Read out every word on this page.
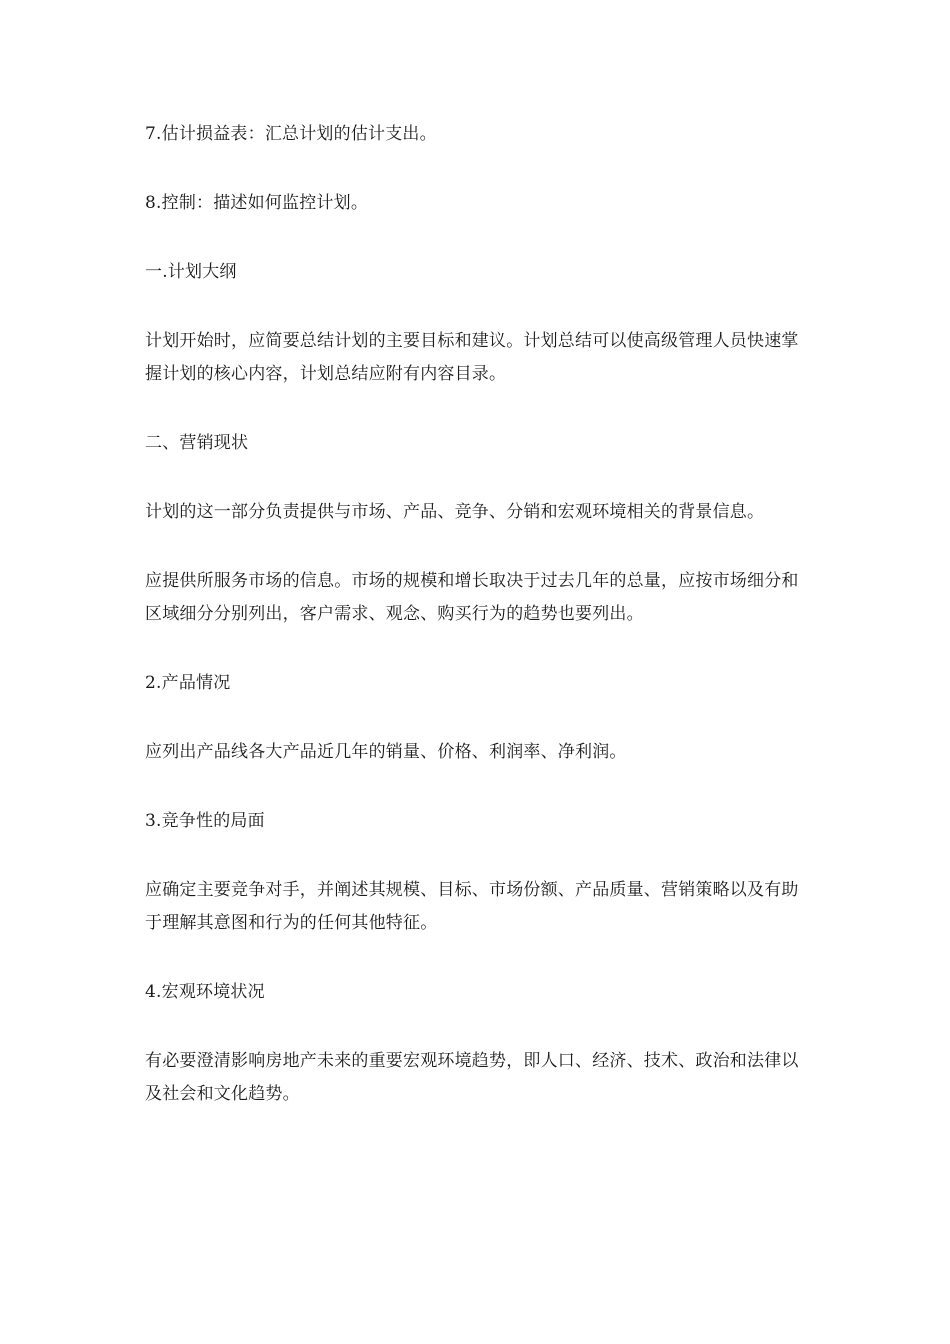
7.估计损益表：汇总计划的估计支出。

8.控制：描述如何监控计划。

一.计划大纲

计划开始时，应简要总结计划的主要目标和建议。计划总结可以使高级管理人员快速掌握计划的核心内容，计划总结应附有内容目录。

二、营销现状

计划的这一部分负责提供与市场、产品、竞争、分销和宏观环境相关的背景信息。

应提供所服务市场的信息。市场的规模和增长取决于过去几年的总量，应按市场细分和区域细分分别列出，客户需求、观念、购买行为的趋势也要列出。

2.产品情况

应列出产品线各大产品近几年的销量、价格、利润率、净利润。

3.竞争性的局面

应确定主要竞争对手，并阐述其规模、目标、市场份额、产品质量、营销策略以及有助于理解其意图和行为的任何其他特征。

4.宏观环境状况

有必要澄清影响房地产未来的重要宏观环境趋势，即人口、经济、技术、政治和法律以及社会和文化趋势。
